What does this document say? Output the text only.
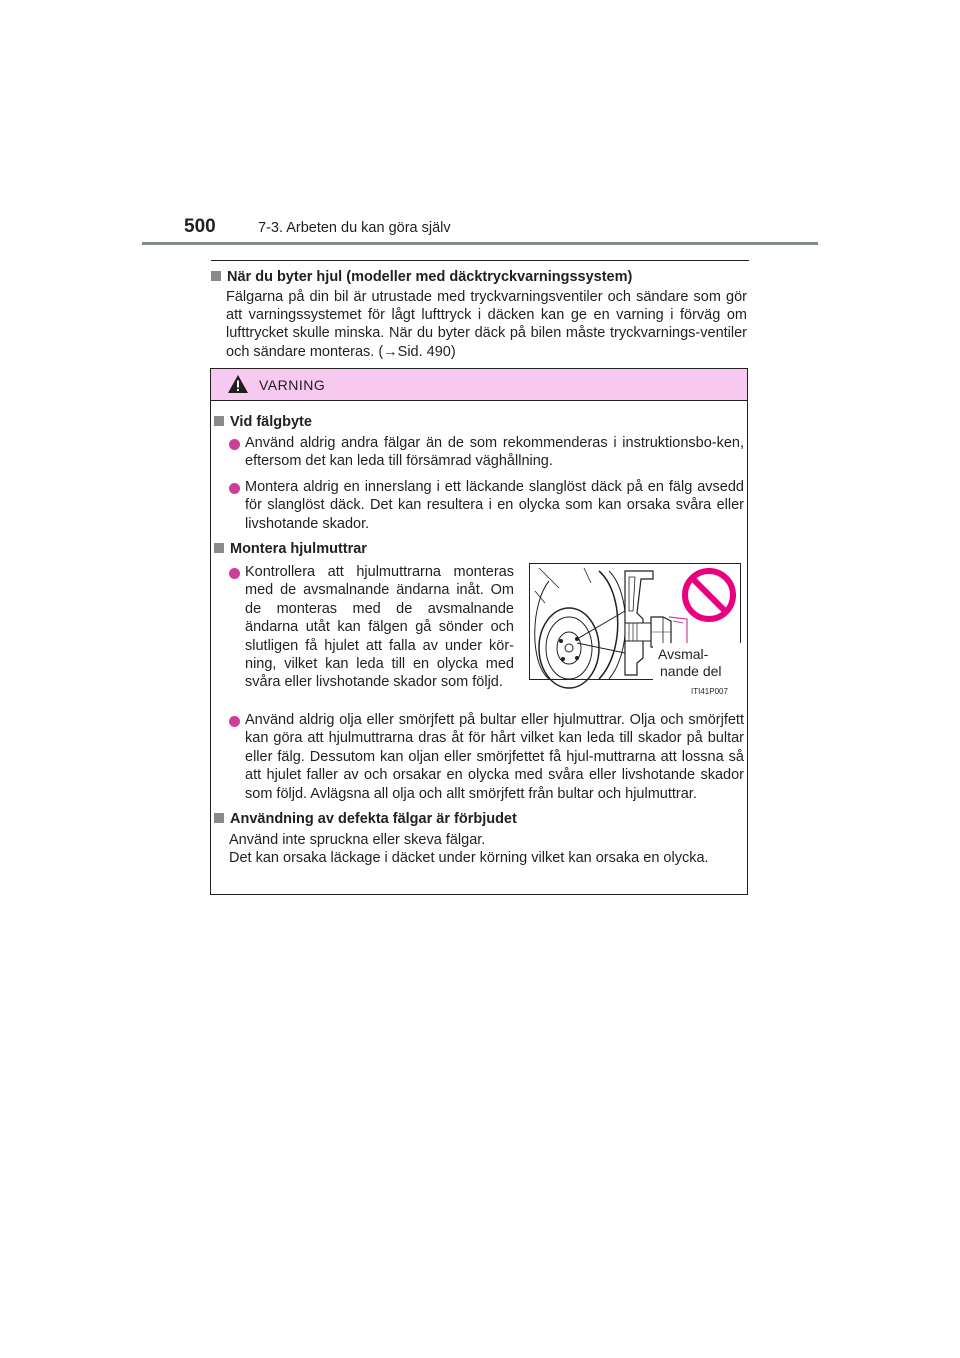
500	7-3. Arbeten du kan göra själv
När du byter hjul (modeller med däcktryckvarningssystem)
Fälgarna på din bil är utrustade med tryckvarningsventiler och sändare som gör att varningssystemet för lågt lufttryck i däcken kan ge en varning i förväg om lufttrycket skulle minska. När du byter däck på bilen måste tryckvarnings-ventiler och sändare monteras. (→Sid. 490)
VARNING
Vid fälgbyte
Använd aldrig andra fälgar än de som rekommenderas i instruktionsbo-ken, eftersom det kan leda till försämrad väghållning.
Montera aldrig en innerslang i ett läckande slanglöst däck på en fälg avsedd för slanglöst däck. Det kan resultera i en olycka som kan orsaka svåra eller livshotande skador.
Montera hjulmuttrar
Kontrollera att hjulmuttrarna monteras med de avsmalnande ändarna inåt. Om de monteras med de avsmalnande ändarna utåt kan fälgen gå sönder och slutligen få hjulet att falla av under kör-ning, vilket kan leda till en olycka med svåra eller livshotande skador som följd.
Avsmal-
nande del
ITI41P007
Använd aldrig olja eller smörjfett på bultar eller hjulmuttrar. Olja och smörjfett kan göra att hjulmuttrarna dras åt för hårt vilket kan leda till skador på bultar eller fälg. Dessutom kan oljan eller smörjfettet få hjul-muttrarna att lossna så att hjulet faller av och orsakar en olycka med svåra eller livshotande skador som följd. Avlägsna all olja och allt smörjfett från bultar och hjulmuttrar.
Användning av defekta fälgar är förbjudet
Använd inte spruckna eller skeva fälgar.
Det kan orsaka läckage i däcket under körning vilket kan orsaka en olycka.
